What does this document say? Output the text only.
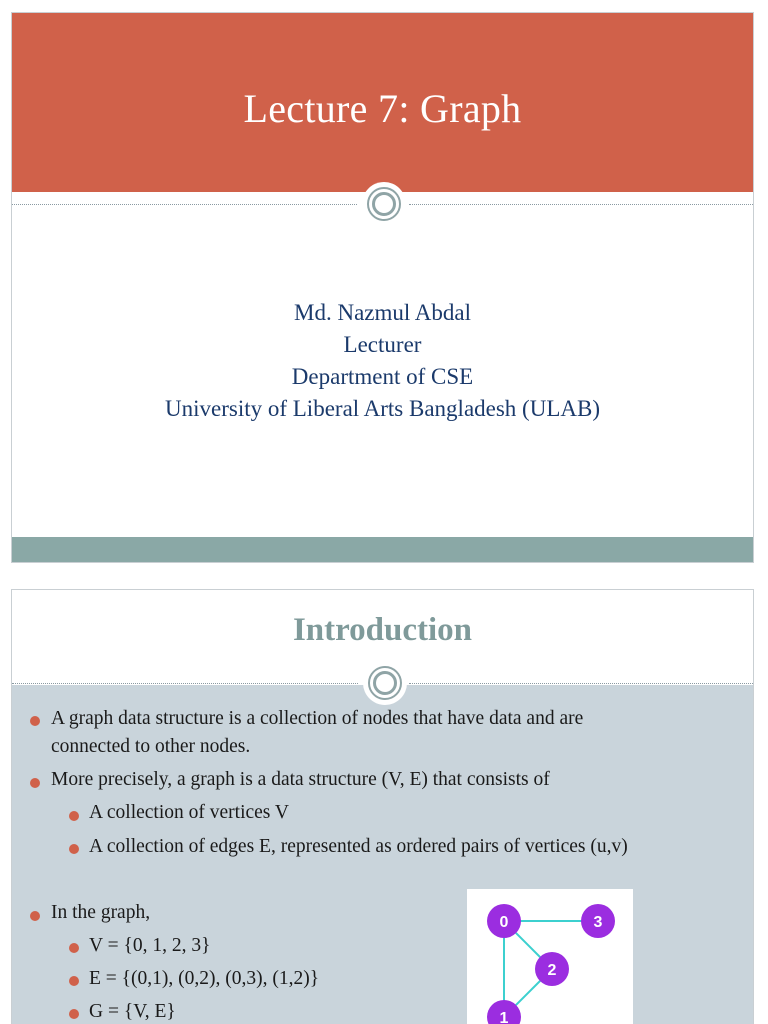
Lecture 7: Graph
Md. Nazmul Abdal
Lecturer
Department of CSE
University of Liberal Arts Bangladesh (ULAB)
Introduction
A graph data structure is a collection of nodes that have data and are
connected to other nodes.
More precisely, a graph is a data structure (V, E) that consists of
A collection of vertices V
A collection of edges E, represented as ordered pairs of vertices (u,v)
In the graph,
V = {0, 1, 2, 3}
E = {(0,1), (0,2), (0,3), (1,2)}
G = {V, E}
0	3
2
1
